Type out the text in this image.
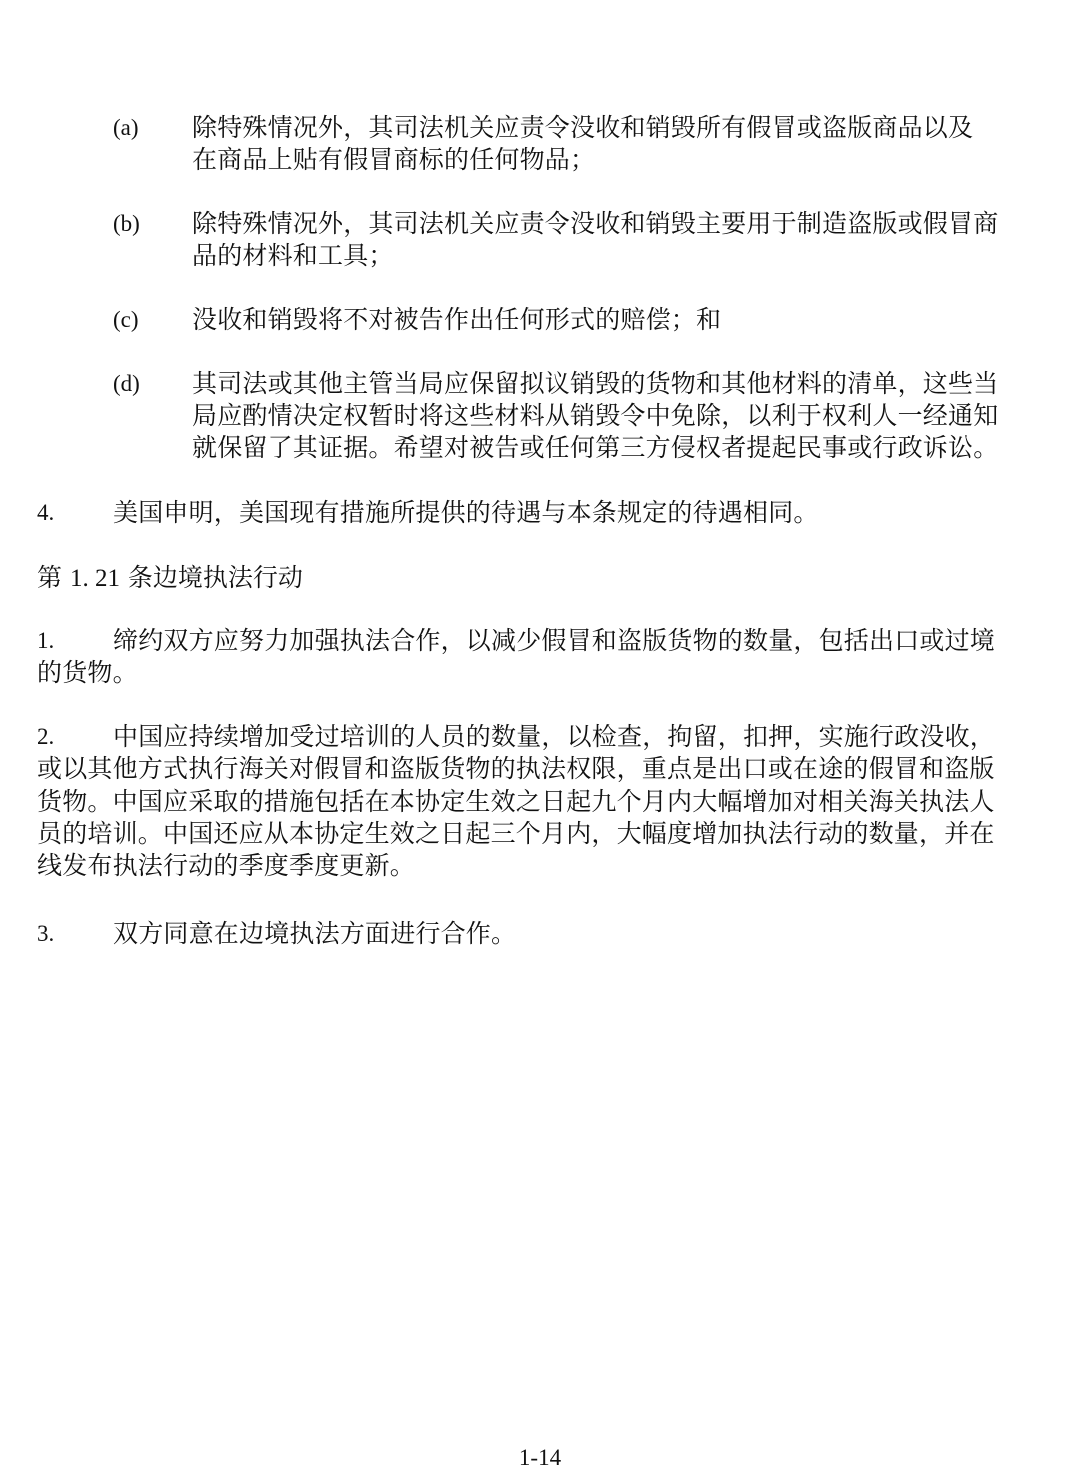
(a) 除特殊情况外，其司法机关应责令没收和销毁所有假冒或盗版商品以及
在商品上贴有假冒商标的任何物品；
(b) 除特殊情况外，其司法机关应责令没收和销毁主要用于制造盗版或假冒商
品的材料和工具；
(c) 没收和销毁将不对被告作出任何形式的赔偿；和
(d) 其司法或其他主管当局应保留拟议销毁的货物和其他材料的清单，这些当
局应酌情决定权暂时将这些材料从销毁令中免除，以利于权利人一经通知
就保留了其证据。希望对被告或任何第三方侵权者提起民事或行政诉讼。
4. 美国申明，美国现有措施所提供的待遇与本条规定的待遇相同。
第 1. 21 条边境执法行动
1. 缔约双方应努力加强执法合作，以减少假冒和盗版货物的数量，包括出口或过境
的货物。
2. 中国应持续增加受过培训的人员的数量，以检查，拘留，扣押，实施行政没收，
或以其他方式执行海关对假冒和盗版货物的执法权限，重点是出口或在途的假冒和盗版
货物。中国应采取的措施包括在本协定生效之日起九个月内大幅增加对相关海关执法人
员的培训。中国还应从本协定生效之日起三个月内，大幅度增加执法行动的数量，并在
线发布执法行动的季度季度更新。
3. 双方同意在边境执法方面进行合作。
1-14
